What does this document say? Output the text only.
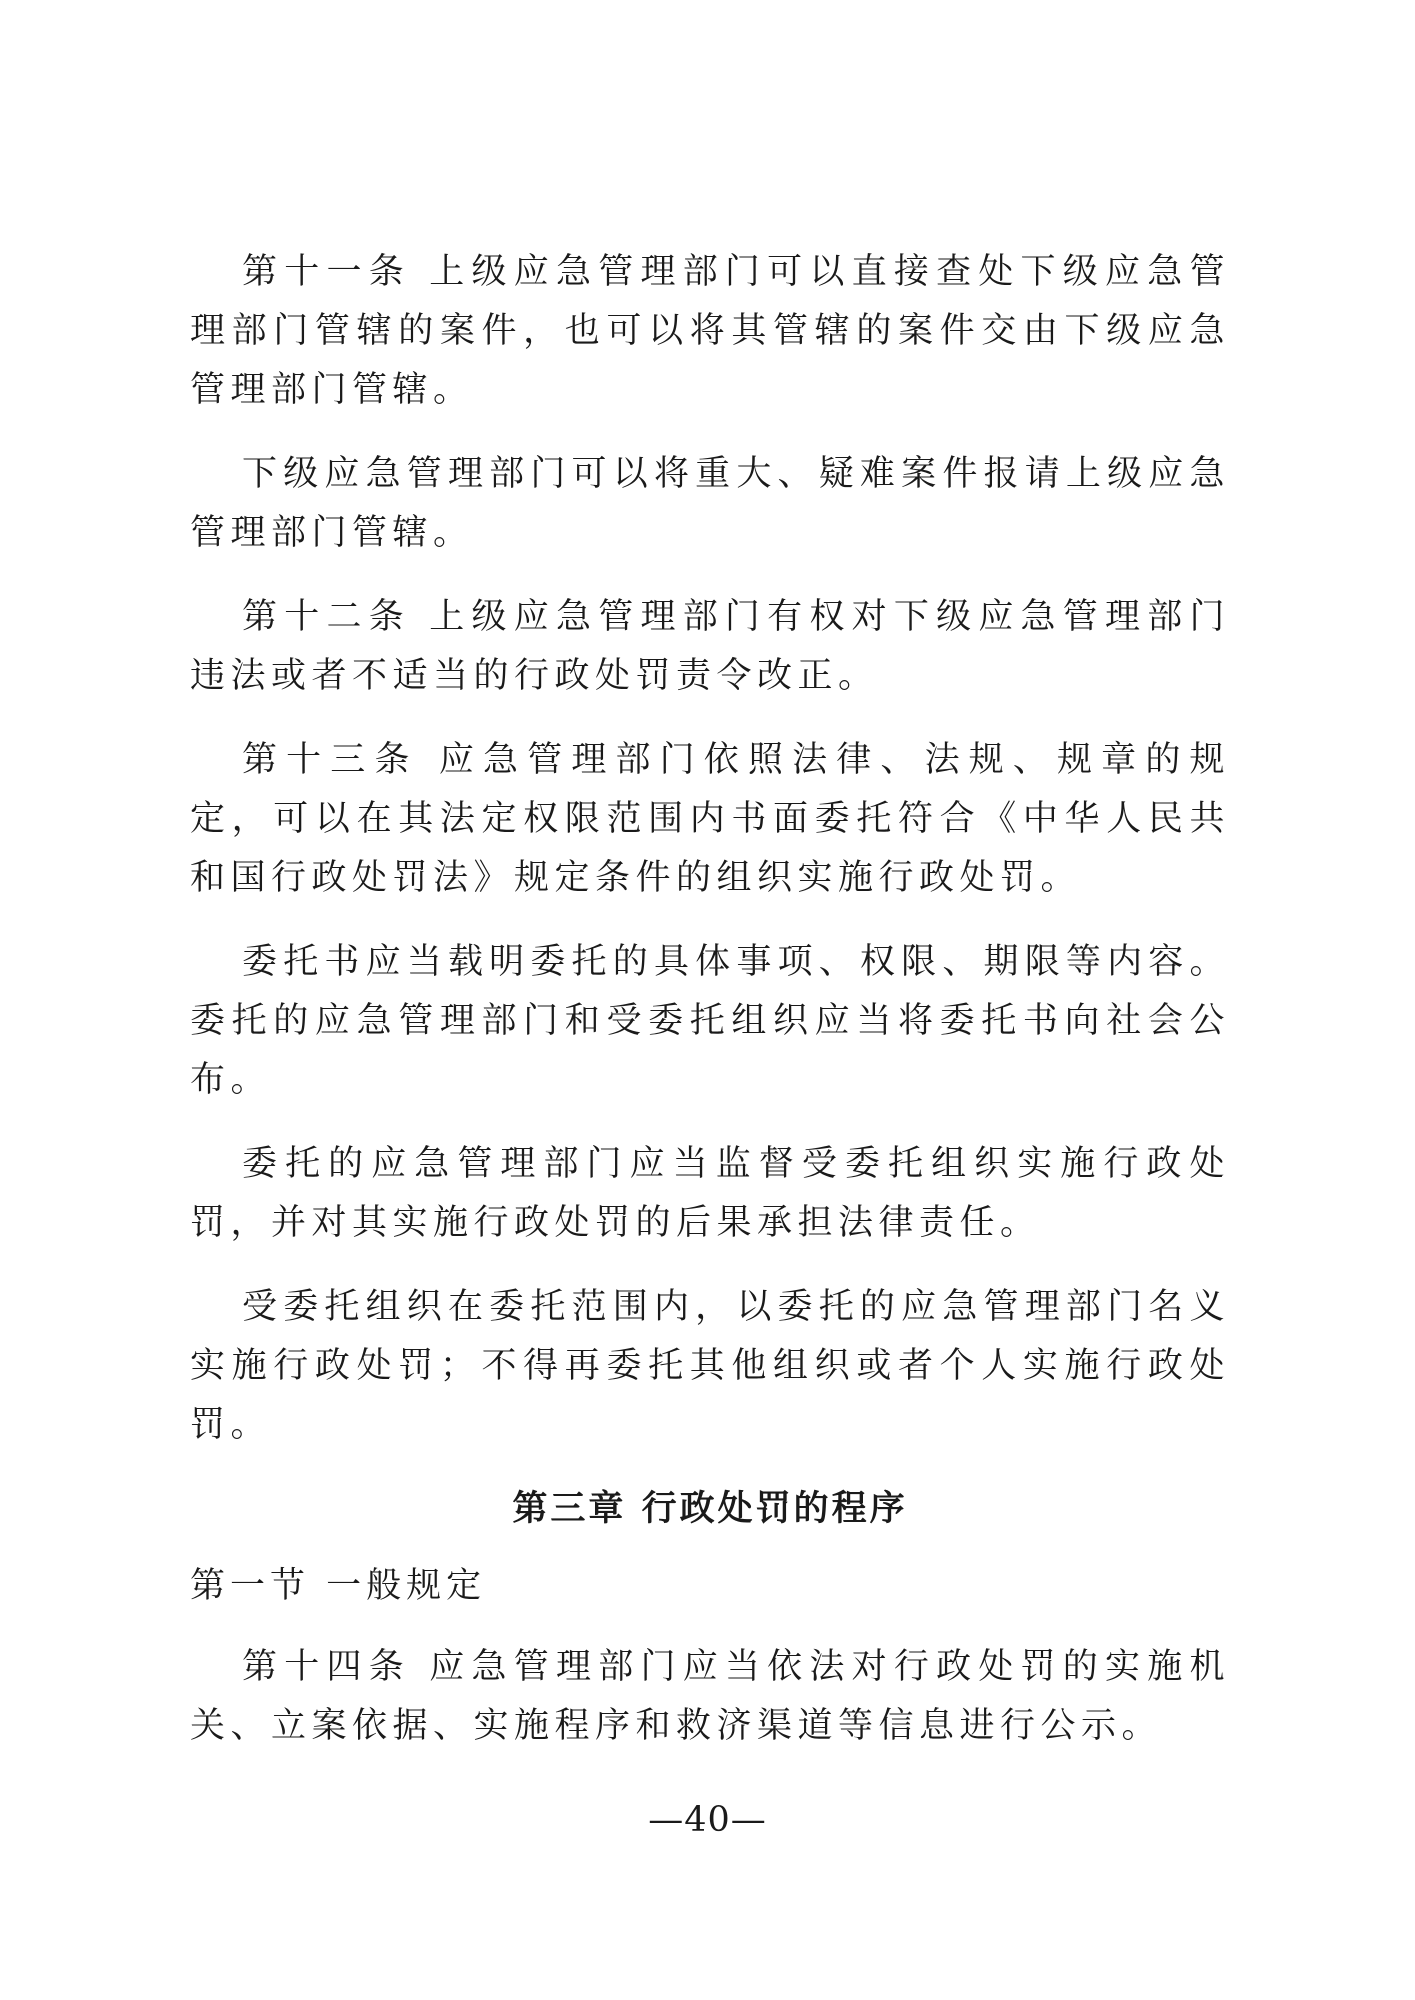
第十一条 上级应急管理部门可以直接查处下级应急管理部门管辖的案件，也可以将其管辖的案件交由下级应急管理部门管辖。

下级应急管理部门可以将重大、疑难案件报请上级应急管理部门管辖。

第十二条 上级应急管理部门有权对下级应急管理部门违法或者不适当的行政处罚责令改正。

第十三条 应急管理部门依照法律、法规、规章的规定，可以在其法定权限范围内书面委托符合《中华人民共和国行政处罚法》规定条件的组织实施行政处罚。

委托书应当载明委托的具体事项、权限、期限等内容。委托的应急管理部门和受委托组织应当将委托书向社会公布。

委托的应急管理部门应当监督受委托组织实施行政处罚，并对其实施行政处罚的后果承担法律责任。

受委托组织在委托范围内，以委托的应急管理部门名义实施行政处罚；不得再委托其他组织或者个人实施行政处罚。

第三章 行政处罚的程序

第一节 一般规定

第十四条 应急管理部门应当依法对行政处罚的实施机关、立案依据、实施程序和救济渠道等信息进行公示。

—40—
